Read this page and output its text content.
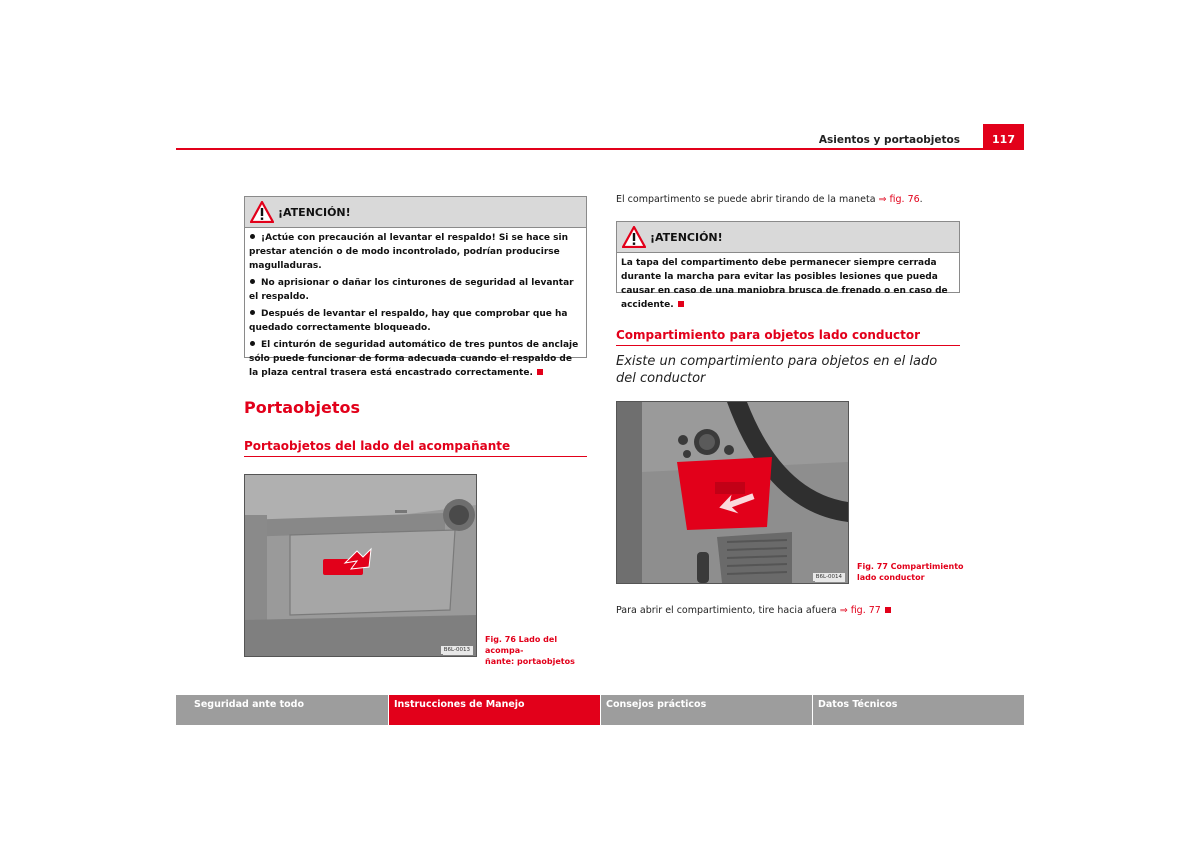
Asientos y portaobjetos	117
¡ATENCIÓN!
¡Actúe con precaución al levantar el respaldo! Si se hace sin prestar atención o de modo incontrolado, podrían producirse magulladuras.
No aprisionar o dañar los cinturones de seguridad al levantar el respaldo.
Después de levantar el respaldo, hay que comprobar que ha quedado correctamente bloqueado.
El cinturón de seguridad automático de tres puntos de anclaje sólo puede funcionar de forma adecuada cuando el respaldo de la plaza central trasera está encastrado correctamente.
Portaobjetos
Portaobjetos del lado del acompañante
B6L-0013
Fig. 76 Lado del acompa-
ñante: portaobjetos
El compartimento se puede abrir tirando de la maneta ⇒ fig. 76.
¡ATENCIÓN!
La tapa del compartimento debe permanecer siempre cerrada durante la marcha para evitar las posibles lesiones que pueda causar en caso de una maniobra brusca de frenado o en caso de accidente.
Compartimiento para objetos lado conductor
Existe un compartimiento para objetos en el lado del conductor
B6L-0014
Fig. 77 Compartimiento
lado conductor
Para abrir el compartimiento, tire hacia afuera ⇒ fig. 77
Seguridad ante todo	Instrucciones de Manejo	Consejos prácticos	Datos Técnicos
